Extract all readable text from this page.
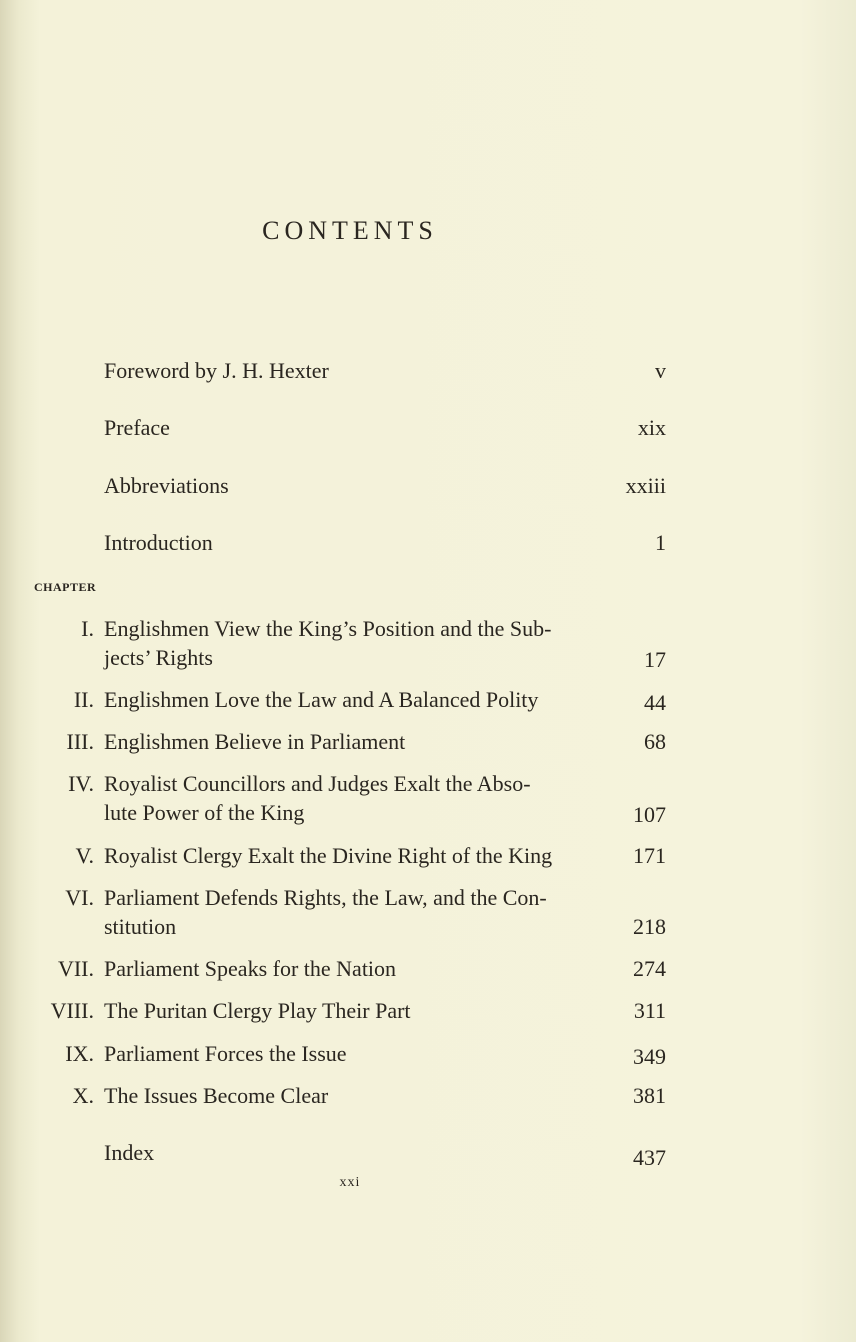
CONTENTS
Foreword by J. H. Hexter	v
Preface	xix
Abbreviations	xxiii
Introduction	1
CHAPTER
I. Englishmen View the King’s Position and the Sub-
jects’ Rights	17
II. Englishmen Love the Law and A Balanced Polity	44
III. Englishmen Believe in Parliament	68
IV. Royalist Councillors and Judges Exalt the Abso-
lute Power of the King	107
V. Royalist Clergy Exalt the Divine Right of the King	171
VI. Parliament Defends Rights, the Law, and the Con-
stitution	218
VII. Parliament Speaks for the Nation	274
VIII. The Puritan Clergy Play Their Part	311
IX. Parliament Forces the Issue	349
X. The Issues Become Clear	381
Index	437
xxi
